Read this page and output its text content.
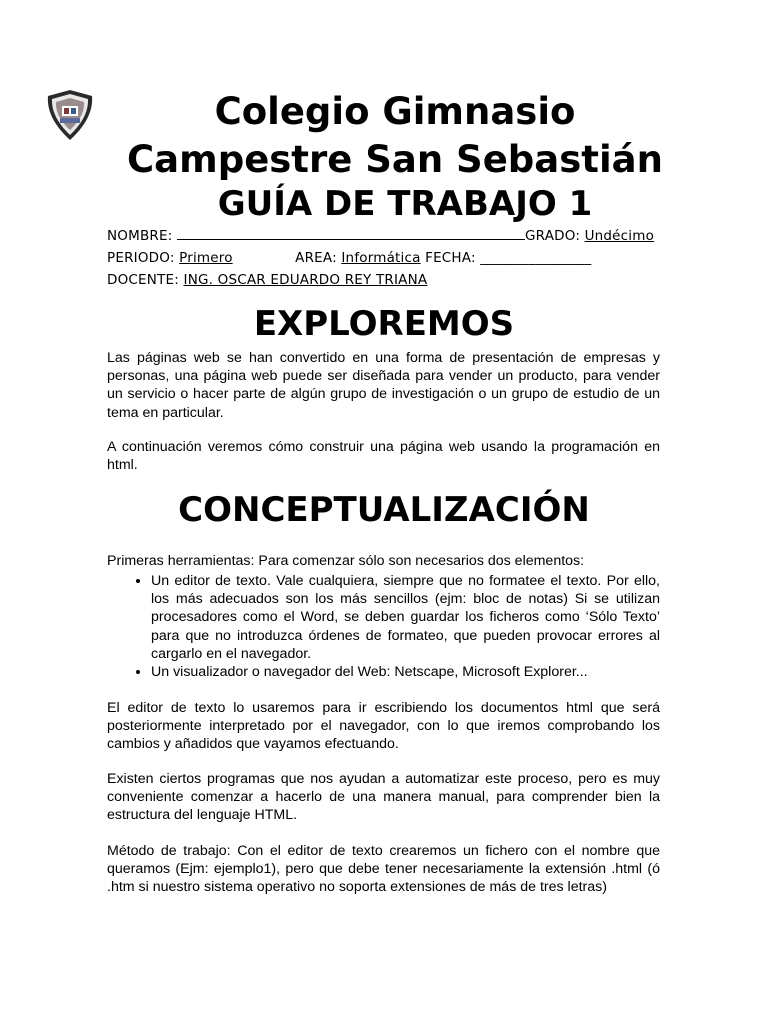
Colegio Gimnasio
Campestre San Sebastián
GUÍA DE TRABAJO 1
NOMBRE:	GRADO: Undécimo
PERIODO: Primero	AREA: Informática FECHA: ________________
DOCENTE: ING. OSCAR EDUARDO REY TRIANA
EXPLOREMOS

Las páginas web se han convertido en una forma de presentación de empresas y personas, una página web puede ser diseñada para vender un producto, para vender un servicio o hacer parte de algún grupo de investigación o un grupo de estudio de un tema en particular.

A continuación veremos cómo construir una página web usando la programación en html.

CONCEPTUALIZACIÓN

Primeras herramientas: Para comenzar sólo son necesarios dos elementos:

• Un editor de texto. Vale cualquiera, siempre que no formatee el texto. Por ello, los más adecuados son los más sencillos (ejm: bloc de notas) Si se utilizan procesadores como el Word, se deben guardar los ficheros como ‘Sólo Texto’ para que no introduzca órdenes de formateo, que pueden provocar errores al cargarlo en el navegador.
• Un visualizador o navegador del Web: Netscape, Microsoft Explorer...

El editor de texto lo usaremos para ir escribiendo los documentos html que será posteriormente interpretado por el navegador, con lo que iremos comprobando los cambios y añadidos que vayamos efectuando.

Existen ciertos programas que nos ayudan a automatizar este proceso, pero es muy conveniente comenzar a hacerlo de una manera manual, para comprender bien la estructura del lenguaje HTML.

Método de trabajo: Con el editor de texto crearemos un fichero con el nombre que queramos (Ejm: ejemplo1), pero que debe tener necesariamente la extensión .html (ó .htm si nuestro sistema operativo no soporta extensiones de más de tres letras)
